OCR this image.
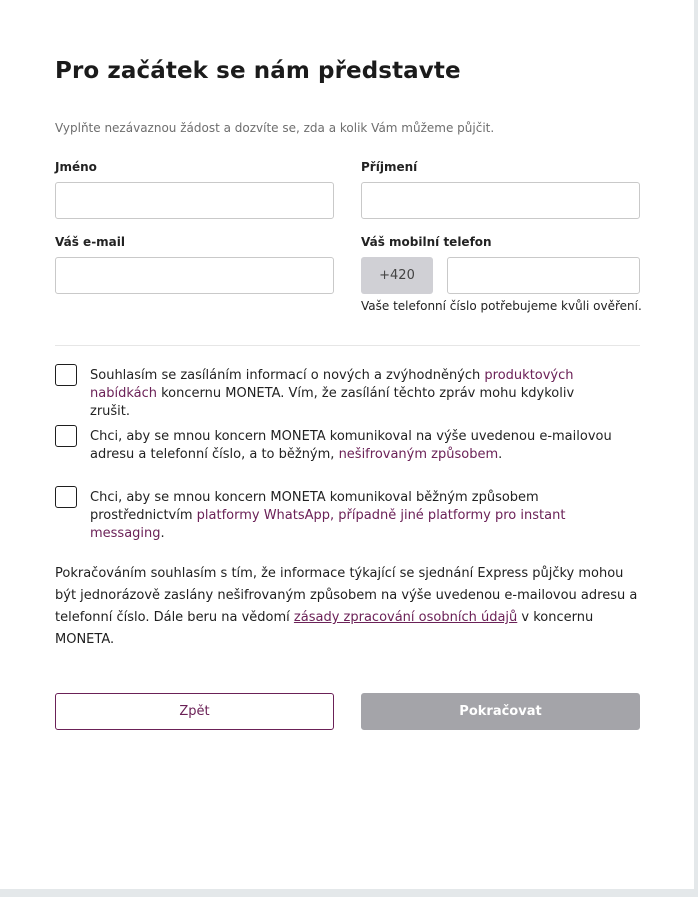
Pro začátek se nám představte
Vyplňte nezávaznou žádost a dozvíte se, zda a kolik Vám můžeme půjčit.
Jméno	Příjmení
Váš e-mail	Váš mobilní telefon
+420
Vaše telefonní číslo potřebujeme kvůli ověření.
Souhlasím se zasíláním informací o nových a zvýhodněných produktových nabídkách koncernu MONETA. Vím, že zasílání těchto zpráv mohu kdykoliv zrušit.
Chci, aby se mnou koncern MONETA komunikoval na výše uvedenou e-mailovou adresu a telefonní číslo, a to běžným, nešifrovaným způsobem.
Chci, aby se mnou koncern MONETA komunikoval běžným způsobem prostřednictvím platformy WhatsApp, případně jiné platformy pro instant messaging.
Pokračováním souhlasím s tím, že informace týkající se sjednání Express půjčky mohou být jednorázově zaslány nešifrovaným způsobem na výše uvedenou e-mailovou adresu a telefonní číslo. Dále beru na vědomí zásady zpracování osobních údajů v koncernu MONETA.
Zpět	Pokračovat
